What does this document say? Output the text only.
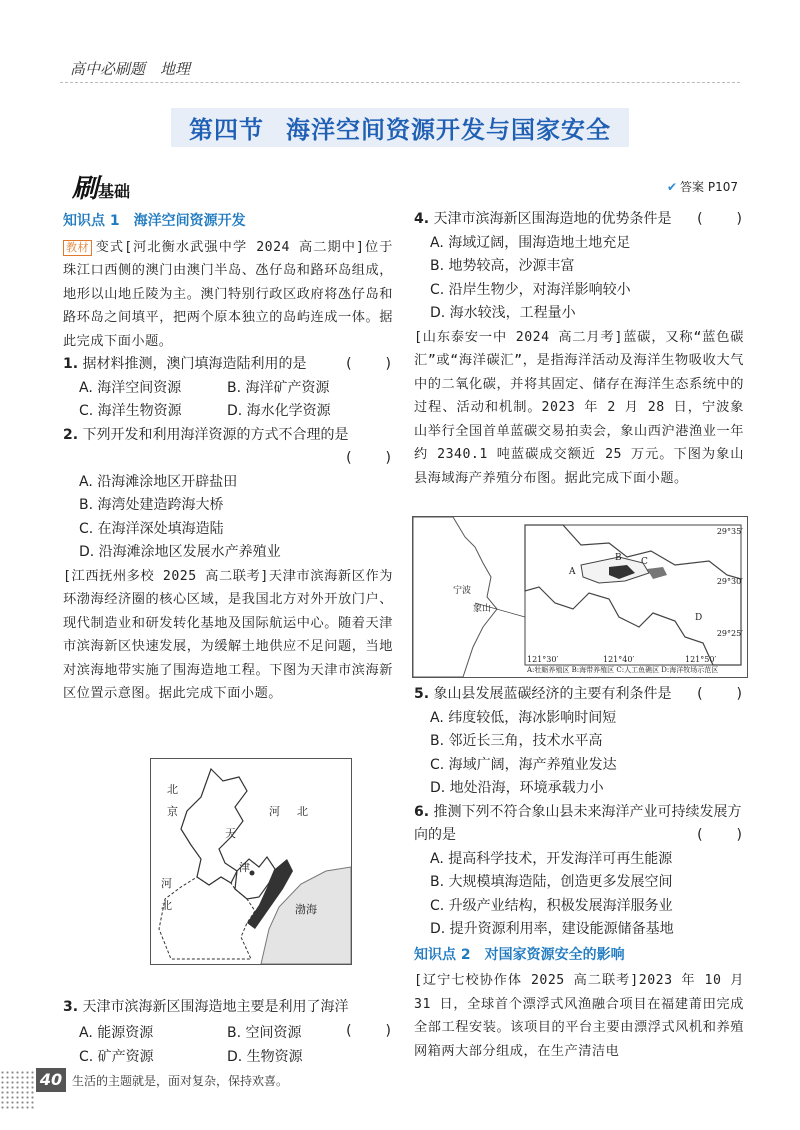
高中必刷题　地理
第四节 海洋空间资源开发与国家安全
刷基础	✔ 答案 P107
知识点 1 海洋空间资源开发
教材 变式[河北衡水武强中学 2024 高二期中]位于珠江口西侧的澳门由澳门半岛、氹仔岛和路环岛组成，地形以山地丘陵为主。澳门特别行政区政府将氹仔岛和路环岛之间填平，把两个原本独立的岛屿连成一体。据此完成下面小题。
1. 据材料推测，澳门填海造陆利用的是	(　　)
A. 海洋空间资源	B. 海洋矿产资源
C. 海洋生物资源	D. 海水化学资源
2. 下列开发和利用海洋资源的方式不合理的是
(　　)
A. 沿海滩涂地区开辟盐田
B. 海湾处建造跨海大桥
C. 在海洋深处填海造陆
D. 沿海滩涂地区发展水产养殖业
[江西抚州多校 2025 高二联考]天津市滨海新区作为环渤海经济圈的核心区域，是我国北方对外开放门户、现代制造业和研发转化基地及国际航运中心。随着天津市滨海新区快速发展，为缓解土地供应不足问题，当地对滨海地带实施了围海造地工程。下图为天津市滨海新区位置示意图。据此完成下面小题。
北
京	河 北
天
津
河
北	渤海
3. 天津市滨海新区围海造地主要是利用了海洋
(　　)
A. 能源资源	B. 空间资源
C. 矿产资源	D. 生物资源
4. 天津市滨海新区围海造地的优势条件是 (　　)
A. 海域辽阔，围海造地土地充足
B. 地势较高，沙源丰富
C. 沿岸生物少，对海洋影响较小
D. 海水较浅，工程量小
[山东泰安一中 2024 高二月考]蓝碳，又称“蓝色碳汇”或“海洋碳汇”，是指海洋活动及海洋生物吸收大气中的二氧化碳，并将其固定、储存在海洋生态系统中的过程、活动和机制。2023 年 2 月 28 日，宁波象山举行全国首单蓝碳交易拍卖会，象山西沪港渔业一年约 2340.1 吨蓝碳成交额近 25 万元。下图为象山县海域海产养殖分布图。据此完成下面小题。
29°35′
29°30′
29°25′
121°30′	121°40′	121°50′
宁波
象山
A
B C
D
A:牡蛎养殖区 B:海带养殖区 C:人工鱼礁区 D:海洋牧场示范区
5. 象山县发展蓝碳经济的主要有利条件是 (　　)
A. 纬度较低，海冰影响时间短
B. 邻近长三角，技术水平高
C. 海域广阔，海产养殖业发达
D. 地处沿海，环境承载力小
6. 推测下列不符合象山县未来海洋产业可持续发展方向的是	(　　)
A. 提高科学技术，开发海洋可再生能源
B. 大规模填海造陆，创造更多发展空间
C. 升级产业结构，积极发展海洋服务业
D. 提升资源利用率，建设能源储备基地
知识点 2 对国家资源安全的影响
[辽宁七校协作体 2025 高二联考]2023 年 10 月 31 日，全球首个漂浮式风渔融合项目在福建莆田完成全部工程安装。该项目的平台主要由漂浮式风机和养殖网箱两大部分组成，在生产清洁电
40 生活的主题就是，面对复杂，保持欢喜。
